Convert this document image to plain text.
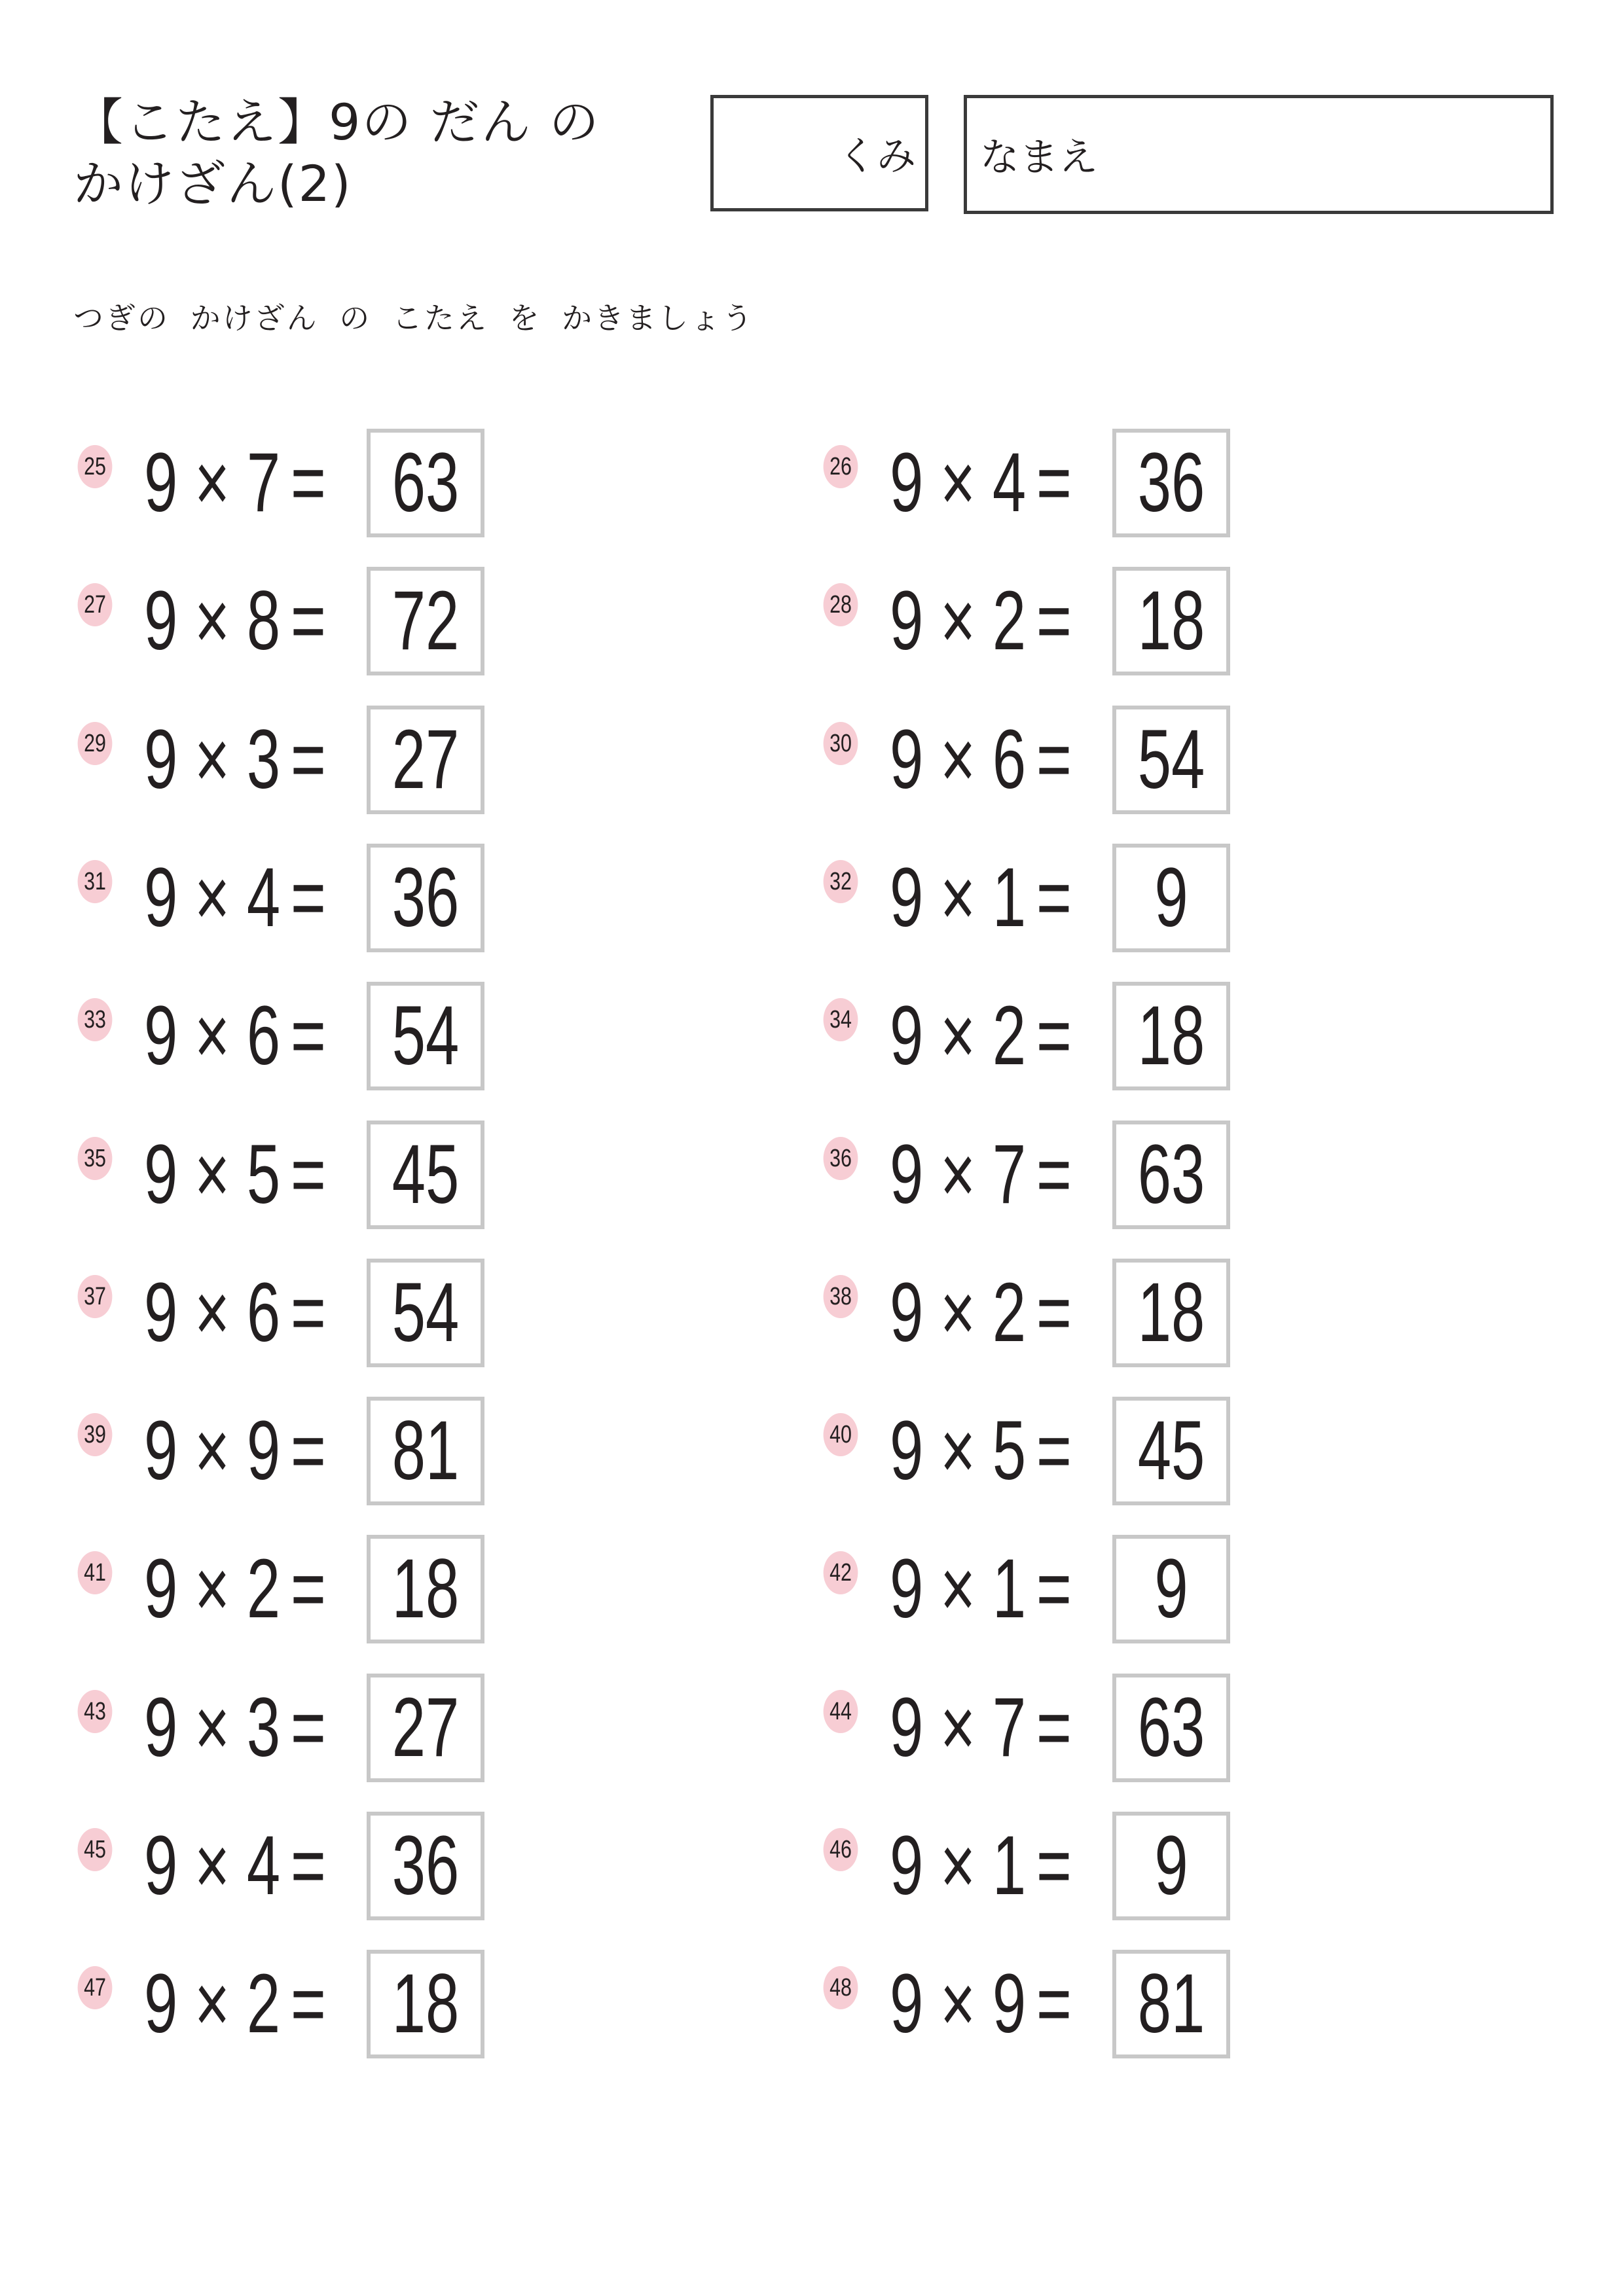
【こたえ】9の だん の
かけざん(2)	くみ なまえ
つぎの かけざん の こたえ を かきましょう
25 9 × 7 = 63	26 9 × 4 = 36
27 9 × 8 = 72	28 9 × 2 = 18
29 9 × 3 = 27	30 9 × 6 = 54
31 9 × 4 = 36	32 9 × 1 = 9
33 9 × 6 = 54	34 9 × 2 = 18
35 9 × 5 = 45	36 9 × 7 = 63
37 9 × 6 = 54	38 9 × 2 = 18
39 9 × 9 = 81	40 9 × 5 = 45
41 9 × 2 = 18	42 9 × 1 = 9
43 9 × 3 = 27	44 9 × 7 = 63
45 9 × 4 = 36	46 9 × 1 = 9
47 9 × 2 = 18	48 9 × 9 = 81
